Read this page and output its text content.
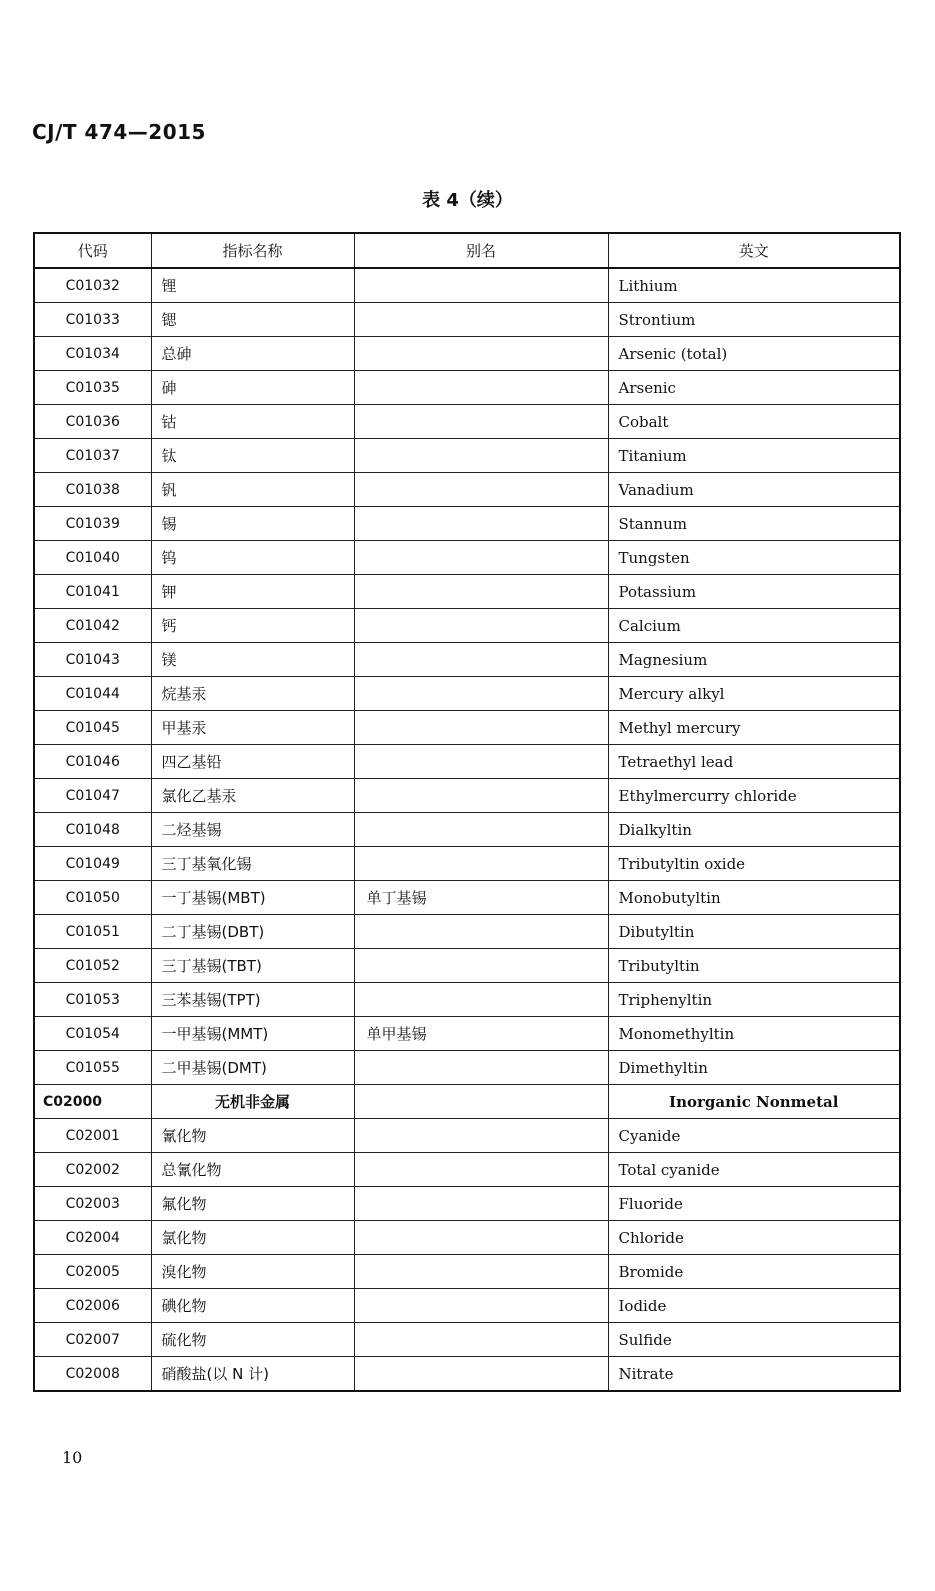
CJ/T 474—2015
表 4（续）
代码	指标名称	别名	英文
C01032	锂		Lithium
C01033	锶		Strontium
C01034	总砷		Arsenic (total)
C01035	砷		Arsenic
C01036	钴		Cobalt
C01037	钛		Titanium
C01038	钒		Vanadium
C01039	锡		Stannum
C01040	钨		Tungsten
C01041	钾		Potassium
C01042	钙		Calcium
C01043	镁		Magnesium
C01044	烷基汞		Mercury alkyl
C01045	甲基汞		Methyl mercury
C01046	四乙基铅		Tetraethyl lead
C01047	氯化乙基汞		Ethylmercurry chloride
C01048	二烃基锡		Dialkyltin
C01049	三丁基氧化锡		Tributyltin oxide
C01050	一丁基锡(MBT)	单丁基锡	Monobutyltin
C01051	二丁基锡(DBT)		Dibutyltin
C01052	三丁基锡(TBT)		Tributyltin
C01053	三苯基锡(TPT)		Triphenyltin
C01054	一甲基锡(MMT)	单甲基锡	Monomethyltin
C01055	二甲基锡(DMT)		Dimethyltin
C02000	无机非金属		Inorganic Nonmetal
C02001	氰化物		Cyanide
C02002	总氰化物		Total cyanide
C02003	氟化物		Fluoride
C02004	氯化物		Chloride
C02005	溴化物		Bromide
C02006	碘化物		Iodide
C02007	硫化物		Sulfide
C02008	硝酸盐(以 N 计)		Nitrate
10
